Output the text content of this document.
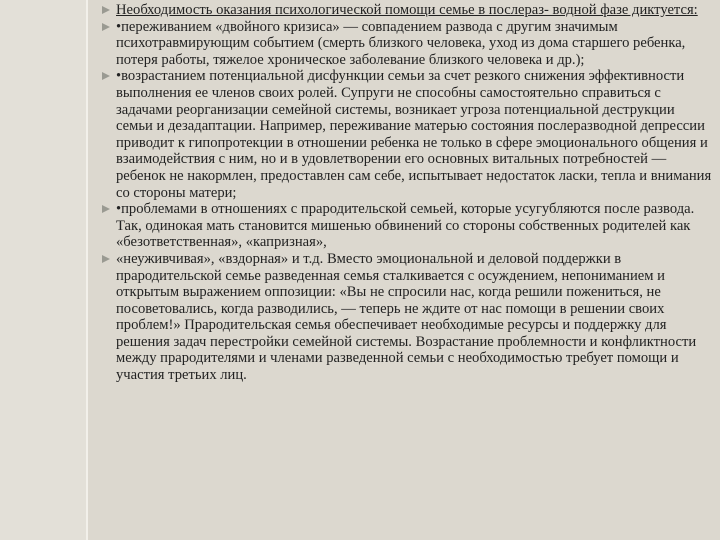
Необходимость оказания психологической помощи семье в послераз- водной фазе диктуется:
•переживанием «двойного кризиса» — совпадением развода с другим значимым психотравмирующим событием (смерть близкого человека, уход из дома старшего ребенка, потеря работы, тяжелое хроническое заболевание близкого человека и др.);
•возрастанием потенциальной дисфункции семьи за счет резкого снижения эффективности выполнения ее членов своих ролей. Супруги не способны самостоятельно справиться с задачами реорганизации семейной системы, возникает угроза потенциальной деструкции семьи и дезадаптации. Например, переживание матерью состояния послеразводной депрессии приводит к гипопротекции в отношении ребенка не только в сфере эмоционального общения и взаимодействия с ним, но и в удовлетворении его основных витальных потребностей — ребенок не накормлен, предоставлен сам себе, испытывает недостаток ласки, тепла и внимания со стороны матери;
•проблемами в отношениях с прародительской семьей, которые усугубляются после развода. Так, одинокая мать становится мишенью обвинений со стороны собственных родителей как «безответственная», «капризная»,
«неуживчивая», «вздорная» и т.д. Вместо эмоциональной и деловой поддержки в прародительской семье разведенная семья сталкивается с осуждением, непониманием и открытым выражением оппозиции: «Вы не спросили нас, когда решили пожениться, не посоветовались, когда разводились, — теперь не ждите от нас помощи в решении своих проблем!» Прародительская семья обеспечивает необходимые ресурсы и поддержку для решения задач перестройки семейной системы. Возрастание проблемности и конфликтности между прародителями и членами разведенной семьи с необходимостью требует помощи и участия третьих лиц.
